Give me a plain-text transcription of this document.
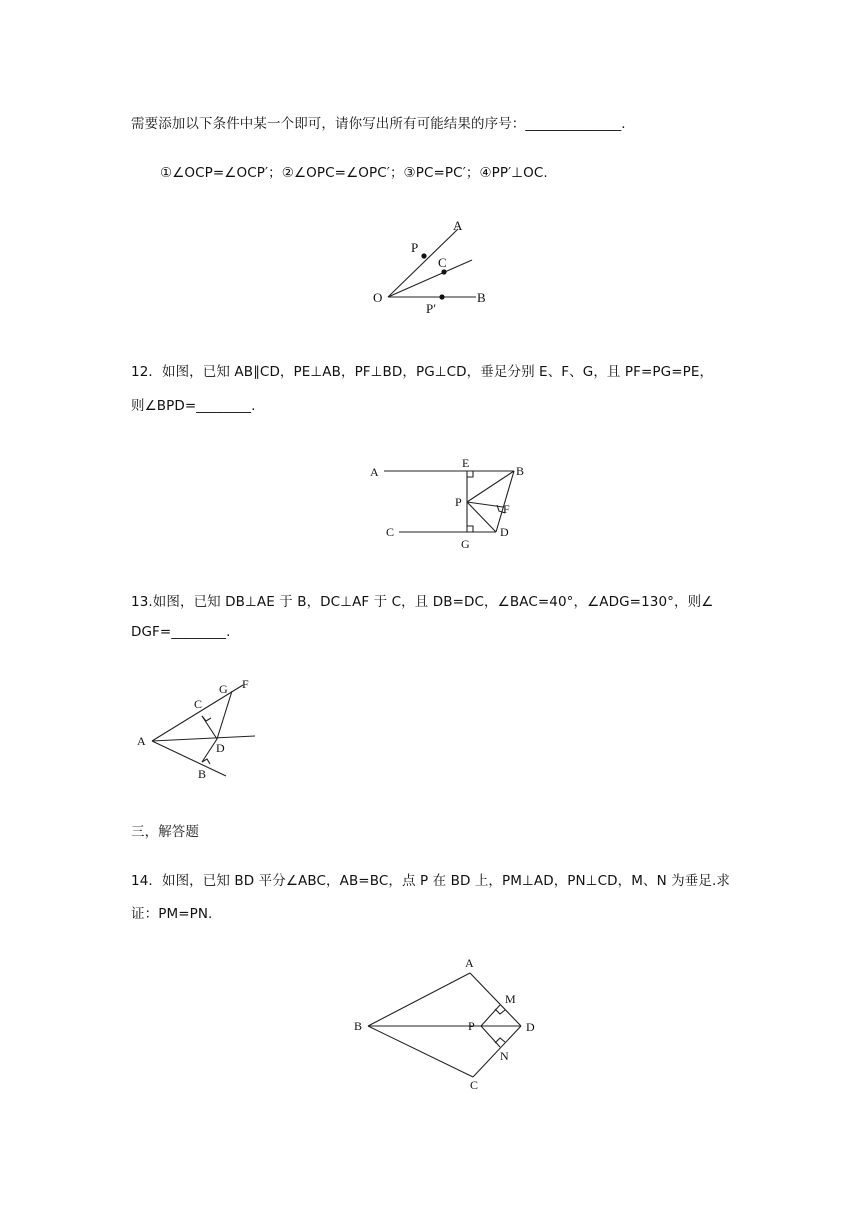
需要添加以下条件中某一个即可，请你写出所有可能结果的序号：______________.
①∠OCP=∠OCP′；②∠OPC=∠OPC′；③PC=PC′；④PP′⊥OC.
A
P
C
O
P′
B
12．如图，已知 AB∥CD，PE⊥AB，PF⊥BD，PG⊥CD，垂足分别 E、F、G，且 PF=PG=PE，
则∠BPD=________.
A
E
B
P	F
C
G
D
13.如图，已知 DB⊥AE 于 B，DC⊥AF 于 C，且 DB=DC，∠BAC=40°，∠ADG=130°，则∠
DGF=________.
C
G F
A	D
B
三，解答题
14．如图，已知 BD 平分∠ABC，AB=BC，点 P 在 BD 上，PM⊥AD，PN⊥CD，M、N 为垂足.求
证：PM=PN.
A
M
B	P	D
N
C
